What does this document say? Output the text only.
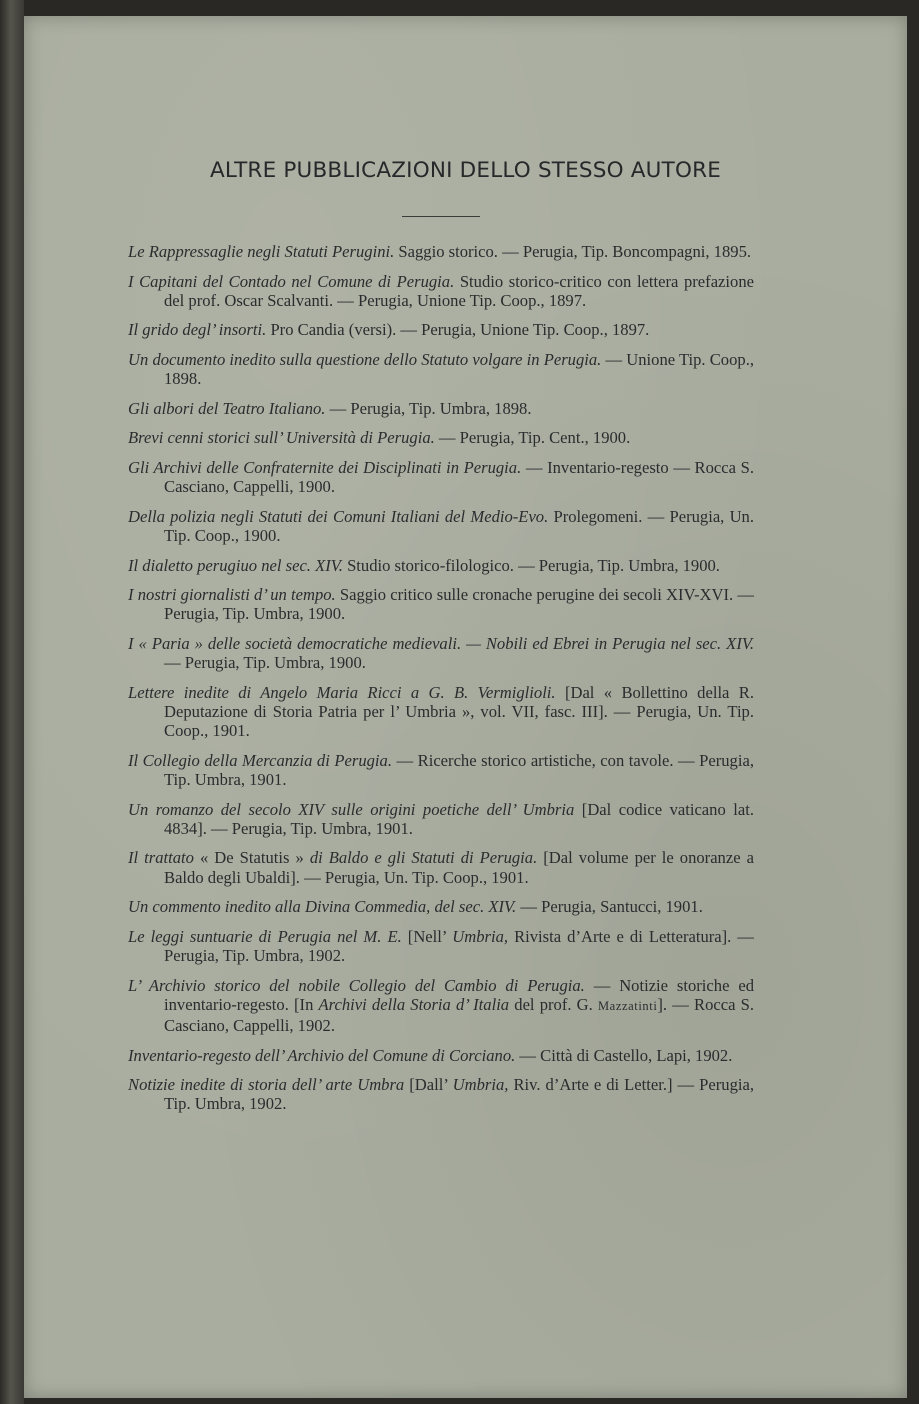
ALTRE PUBBLICAZIONI DELLO STESSO AUTORE

Le Rappressaglie negli Statuti Perugini. Saggio storico. — Perugia, Tip. Boncompagni, 1895.

I Capitani del Contado nel Comune di Perugia. Studio storico-critico con lettera prefazione del prof. Oscar Scalvanti. — Perugia, Unione Tip. Coop., 1897.

Il grido degl’ insorti. Pro Candia (versi). — Perugia, Unione Tip. Coop., 1897.

Un documento inedito sulla questione dello Statuto volgare in Perugia. — Unione Tip. Coop., 1898.

Gli albori del Teatro Italiano. — Perugia, Tip. Umbra, 1898.

Brevi cenni storici sull’ Università di Perugia. — Perugia, Tip. Cent., 1900.

Gli Archivi delle Confraternite dei Disciplinati in Perugia. — Inventario-regesto — Rocca S. Casciano, Cappelli, 1900.

Della polizia negli Statuti dei Comuni Italiani del Medio-Evo. Prolegomeni. — Perugia, Un. Tip. Coop., 1900.

Il dialetto perugiuo nel sec. XIV. Studio storico-filologico. — Perugia, Tip. Umbra, 1900.

I nostri giornalisti d’ un tempo. Saggio critico sulle cronache perugine dei secoli XIV-XVI. — Perugia, Tip. Umbra, 1900.

I « Paria » delle società democratiche medievali. — Nobili ed Ebrei in Perugia nel sec. XIV. — Perugia, Tip. Umbra, 1900.

Lettere inedite di Angelo Maria Ricci a G. B. Vermiglioli. [Dal « Bollettino della R. Deputazione di Storia Patria per l’ Umbria », vol. VII, fasc. III]. — Perugia, Un. Tip. Coop., 1901.

Il Collegio della Mercanzia di Perugia. — Ricerche storico artistiche, con tavole. — Perugia, Tip. Umbra, 1901.

Un romanzo del secolo XIV sulle origini poetiche dell’ Umbria [Dal codice vaticano lat. 4834]. — Perugia, Tip. Umbra, 1901.

Il trattato « De Statutis » di Baldo e gli Statuti di Perugia. [Dal volume per le onoranze a Baldo degli Ubaldi]. — Perugia, Un. Tip. Coop., 1901.

Un commento inedito alla Divina Commedia, del sec. XIV. — Perugia, Santucci, 1901.

Le leggi suntuarie di Perugia nel M. E. [Nell’ Umbria, Rivista d’Arte e di Letteratura]. — Perugia, Tip. Umbra, 1902.

L’ Archivio storico del nobile Collegio del Cambio di Perugia. — Notizie storiche ed inventario-regesto. [In Archivi della Storia d’ Italia del prof. G. Mazzatinti]. — Rocca S. Casciano, Cappelli, 1902.

Inventario-regesto dell’ Archivio del Comune di Corciano. — Città di Castello, Lapi, 1902.

Notizie inedite di storia dell’ arte Umbra [Dall’ Umbria, Riv. d’Arte e di Letter.] — Perugia, Tip. Umbra, 1902.
